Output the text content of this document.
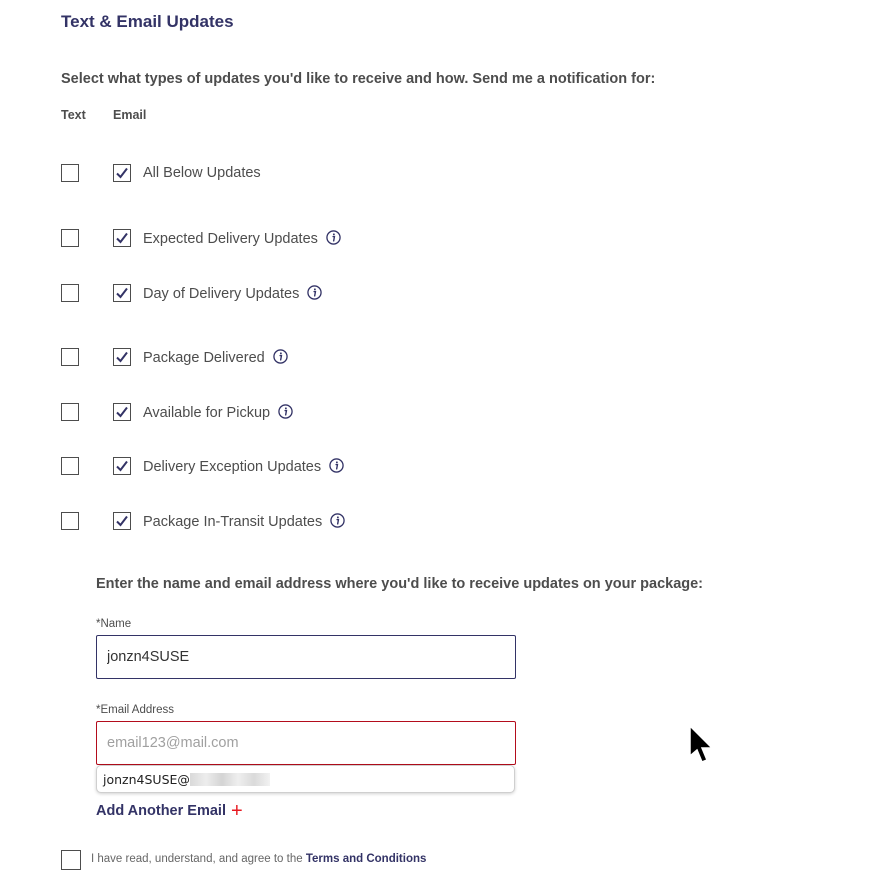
Text & Email Updates
Select what types of updates you'd like to receive and how. Send me a notification for:
Text Email
All Below Updates
Expected Delivery Updates
Day of Delivery Updates
Package Delivered
Available for Pickup
Delivery Exception Updates
Package In-Transit Updates
Enter the name and email address where you'd like to receive updates on your package:
*Name
jonzn4SUSE
*Email Address
email123@mail.com
jonzn4SUSE@
Add Another Email +
I have read, understand, and agree to the Terms and Conditions
